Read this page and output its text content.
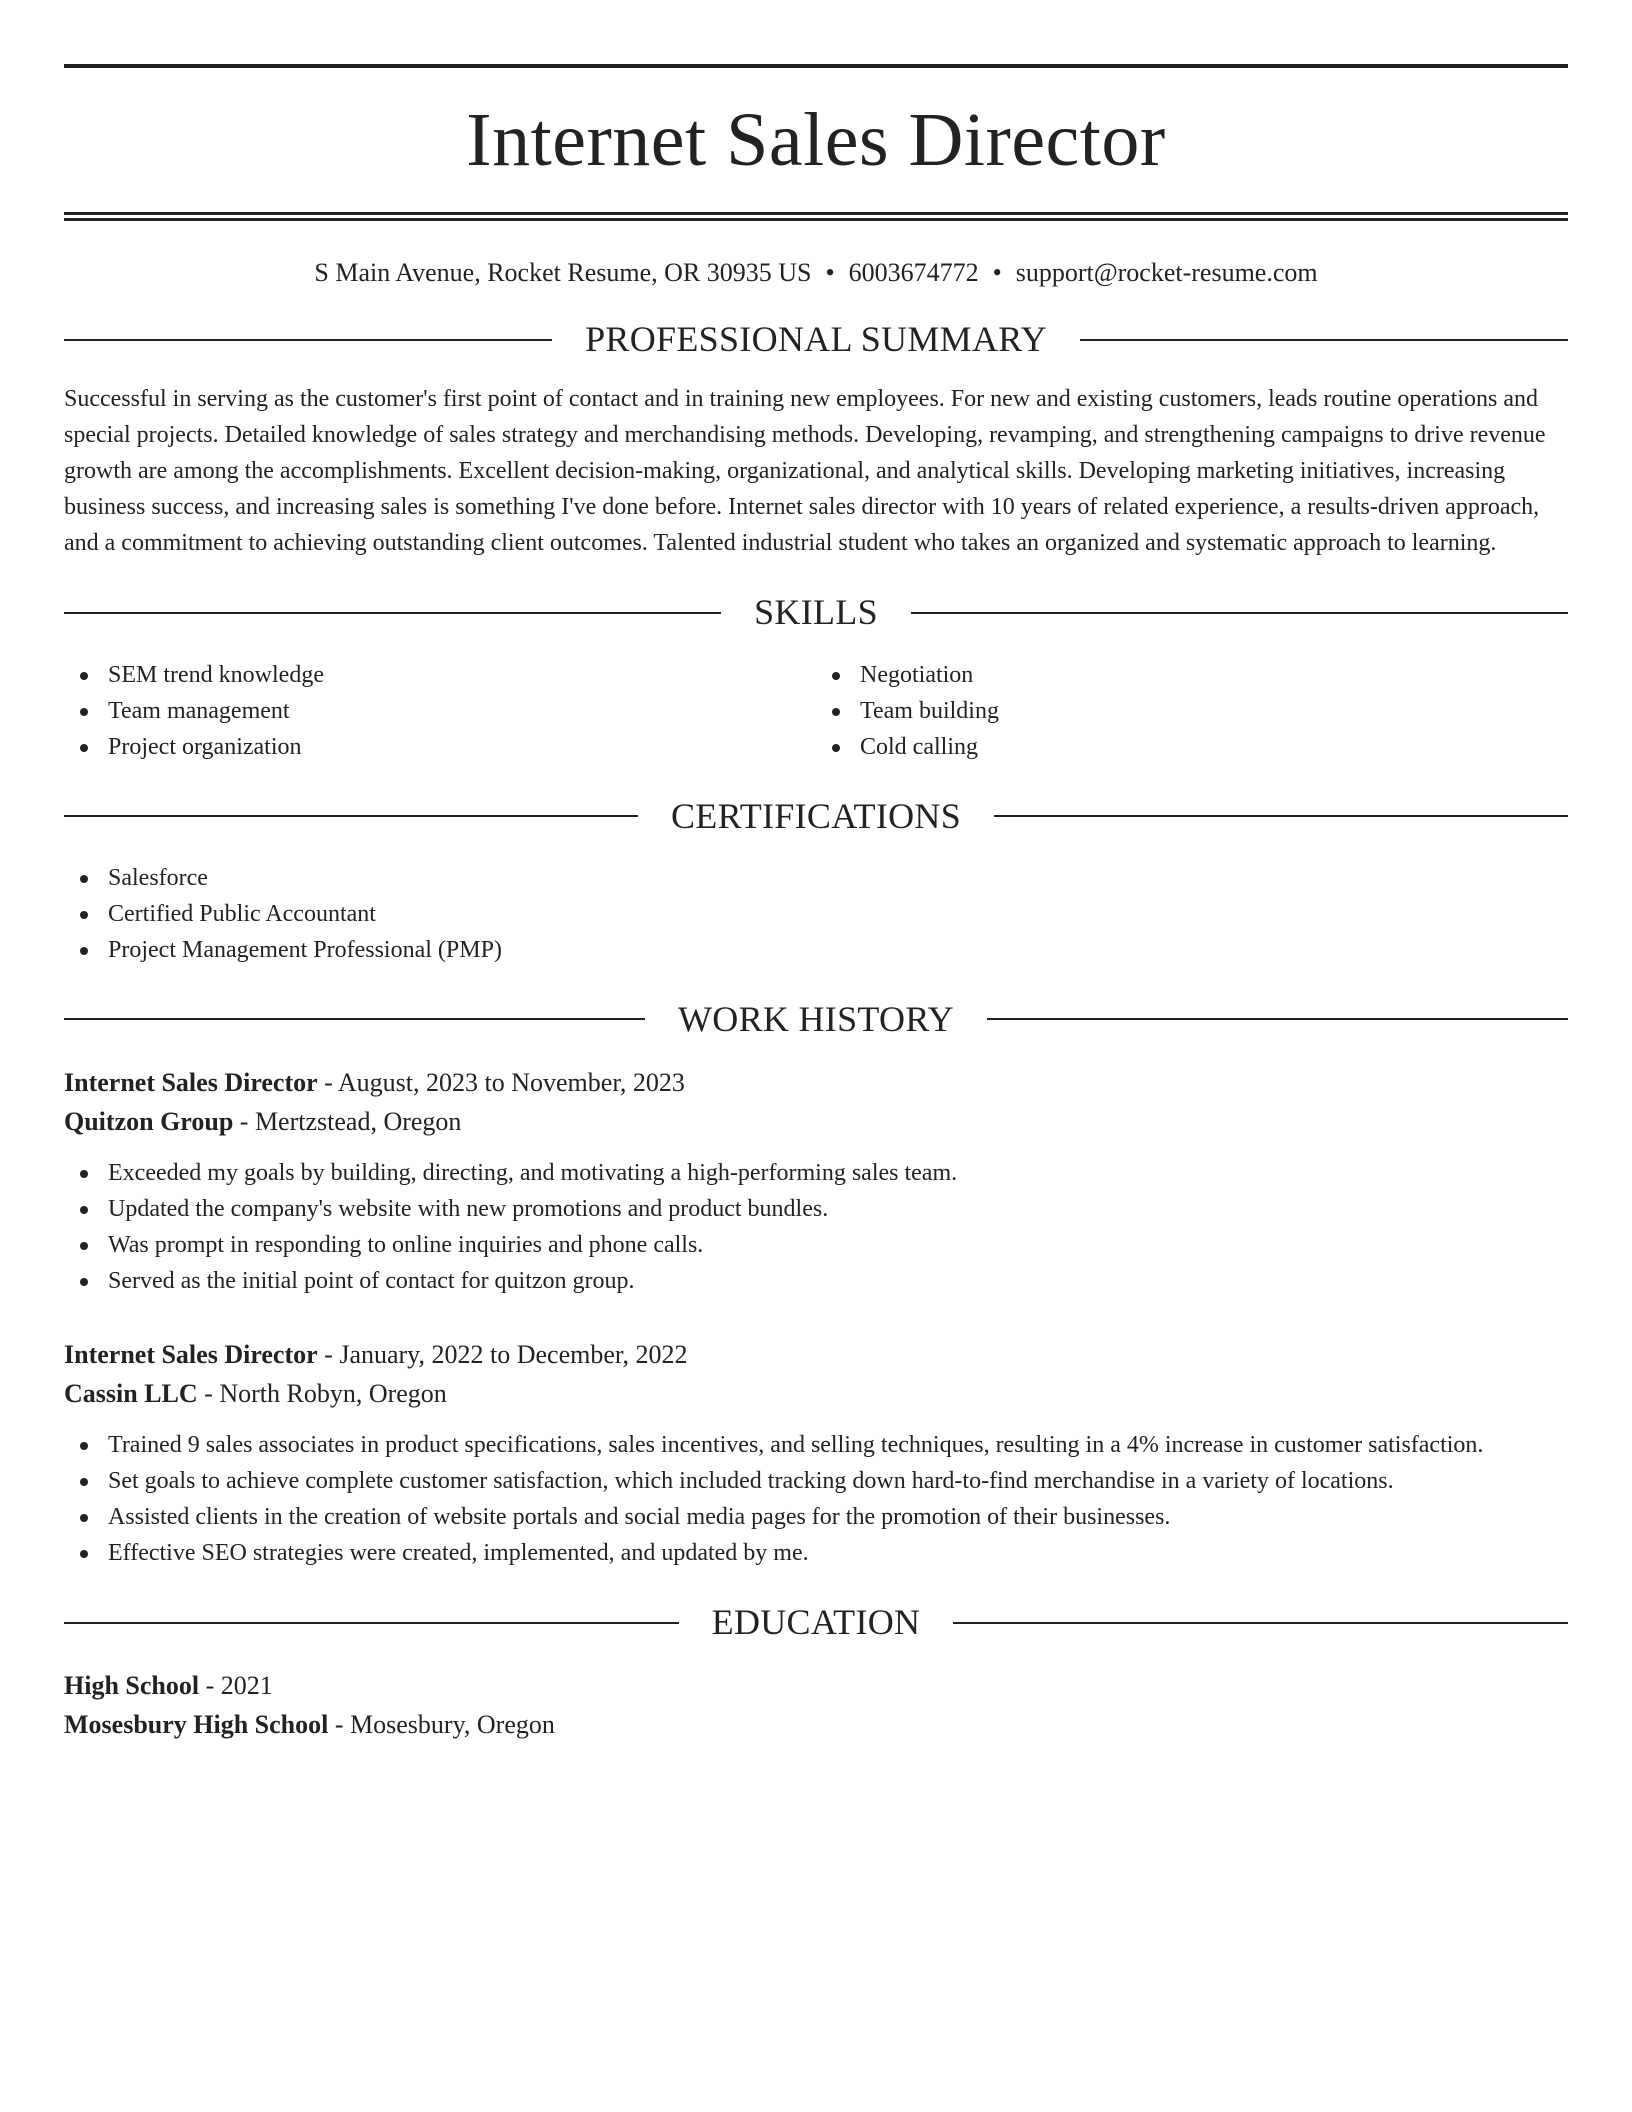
Internet Sales Director
S Main Avenue, Rocket Resume, OR 30935 US • 6003674772 • support@rocket-resume.com
PROFESSIONAL SUMMARY
Successful in serving as the customer's first point of contact and in training new employees. For new and existing customers, leads routine operations and special projects. Detailed knowledge of sales strategy and merchandising methods. Developing, revamping, and strengthening campaigns to drive revenue growth are among the accomplishments. Excellent decision-making, organizational, and analytical skills. Developing marketing initiatives, increasing business success, and increasing sales is something I've done before. Internet sales director with 10 years of related experience, a results-driven approach, and a commitment to achieving outstanding client outcomes. Talented industrial student who takes an organized and systematic approach to learning.
SKILLS
SEM trend knowledge
Team management
Project organization
Negotiation
Team building
Cold calling
CERTIFICATIONS
Salesforce
Certified Public Accountant
Project Management Professional (PMP)
WORK HISTORY
Internet Sales Director - August, 2023 to November, 2023
Quitzon Group - Mertzstead, Oregon
Exceeded my goals by building, directing, and motivating a high-performing sales team.
Updated the company's website with new promotions and product bundles.
Was prompt in responding to online inquiries and phone calls.
Served as the initial point of contact for quitzon group.
Internet Sales Director - January, 2022 to December, 2022
Cassin LLC - North Robyn, Oregon
Trained 9 sales associates in product specifications, sales incentives, and selling techniques, resulting in a 4% increase in customer satisfaction.
Set goals to achieve complete customer satisfaction, which included tracking down hard-to-find merchandise in a variety of locations.
Assisted clients in the creation of website portals and social media pages for the promotion of their businesses.
Effective SEO strategies were created, implemented, and updated by me.
EDUCATION
High School - 2021
Mosesbury High School - Mosesbury, Oregon
